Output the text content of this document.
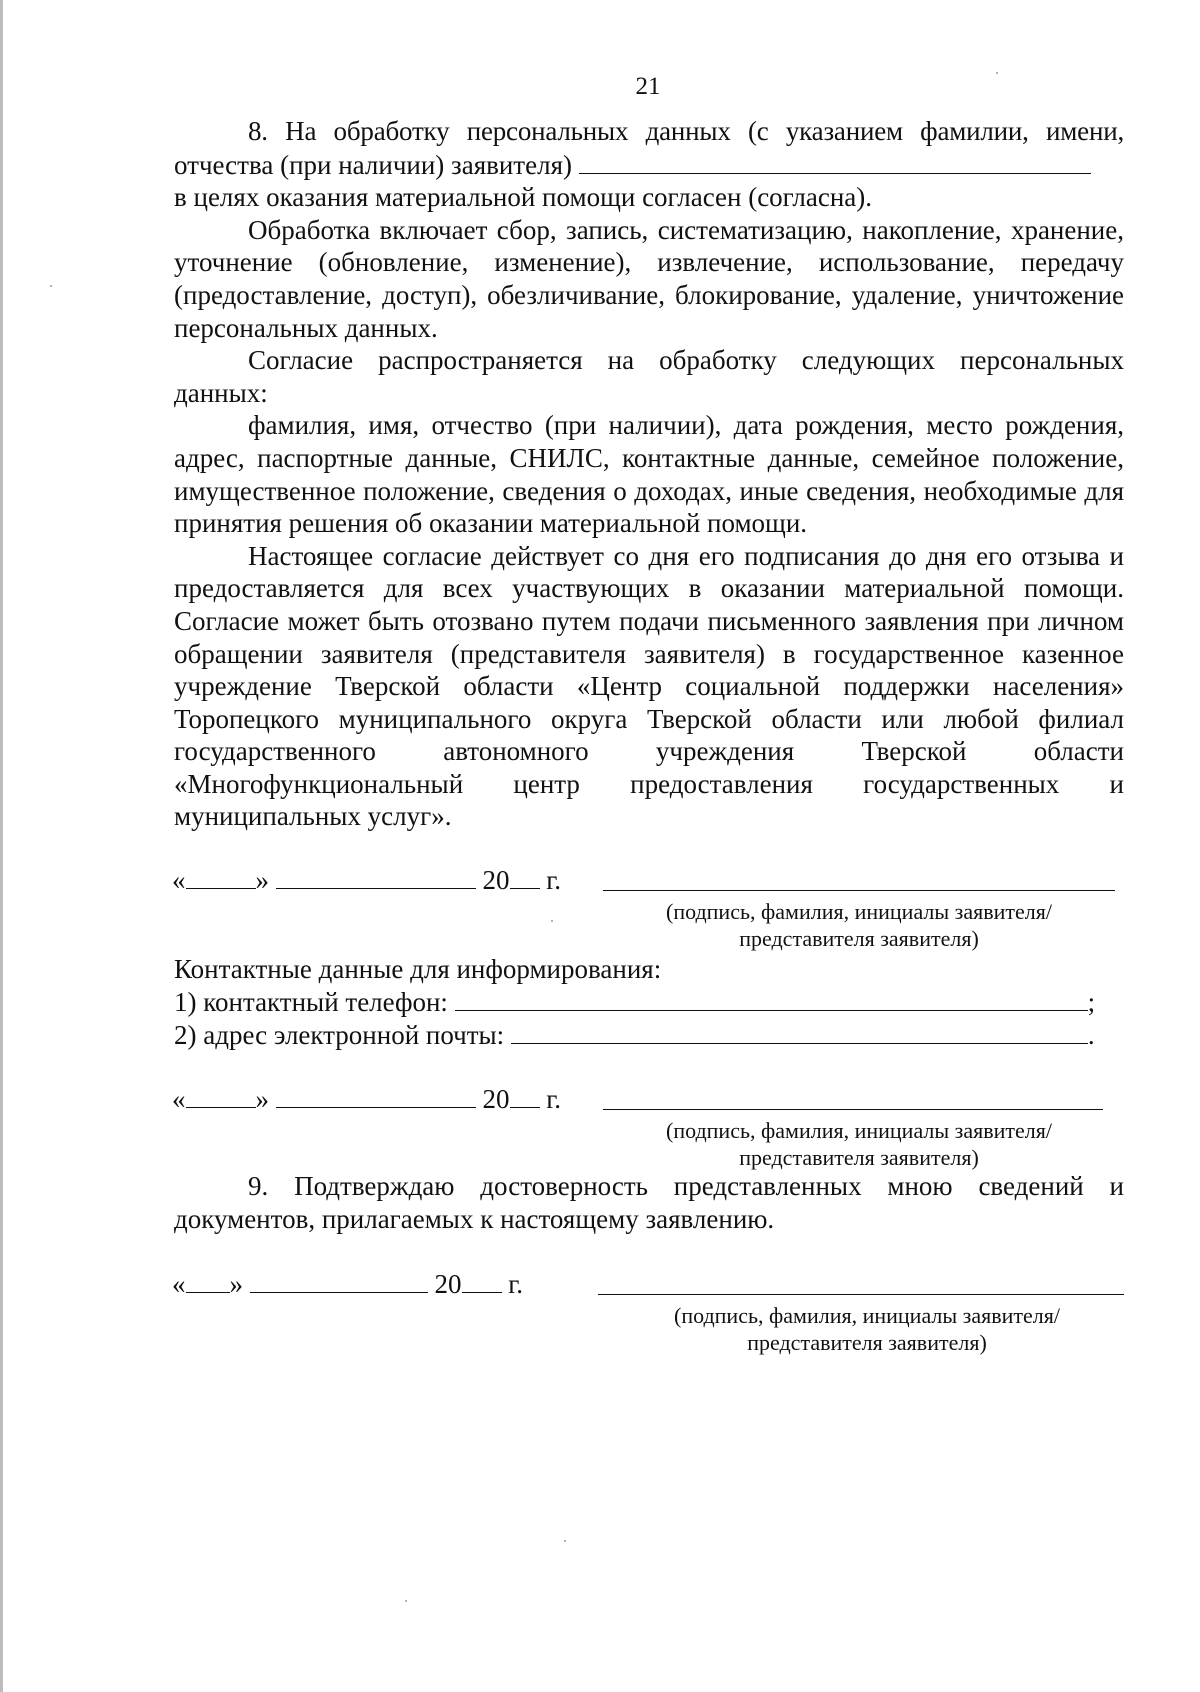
21

8. На обработку персональных данных (с указанием фамилии, имени,

отчества (при наличии) заявителя)

в целях оказания материальной помощи согласен (согласна).

Обработка включает сбор, запись, систематизацию, накопление, хранение, уточнение (обновление, изменение), извлечение, использование, передачу (предоставление, доступ), обезличивание, блокирование, удаление, уничтожение персональных данных.

Согласие распространяется на обработку следующих персональных данных:

фамилия, имя, отчество (при наличии), дата рождения, место рождения, адрес, паспортные данные, СНИЛС, контактные данные, семейное положение, имущественное положение, сведения о доходах, иные сведения, необходимые для принятия решения об оказании материальной помощи.

Настоящее согласие действует со дня его подписания до дня его отзыва и предоставляется для всех участвующих в оказании материальной помощи. Согласие может быть отозвано путем подачи письменного заявления при личном обращении заявителя (представителя заявителя) в государственное казенное учреждение Тверской области «Центр социальной поддержки населения» Торопецкого муниципального округа Тверской области или любой филиал государственного автономного учреждения Тверской области «Многофункциональный центр предоставления государственных и муниципальных услуг».

«	»	20 г.
(подпись, фамилия, инициалы заявителя/
представителя заявителя)
Контактные данные для информирования:
1) контактный телефон:	;
2) адрес электронной почты:	.
«	»	20 г.
(подпись, фамилия, инициалы заявителя/
представителя заявителя)

9. Подтверждаю достоверность представленных мною сведений и документов, прилагаемых к настоящему заявлению.

« »	20 г.
(подпись, фамилия, инициалы заявителя/
представителя заявителя)
